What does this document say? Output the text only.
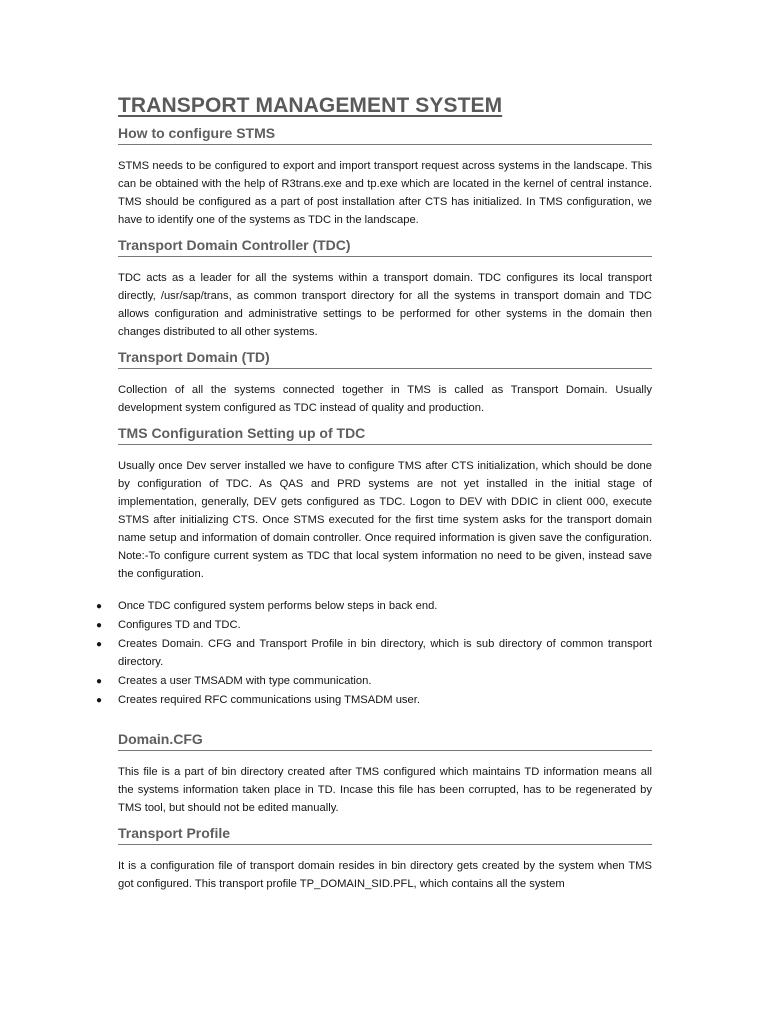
TRANSPORT MANAGEMENT SYSTEM
How to configure STMS

STMS needs to be configured to export and import transport request across systems in the landscape. This can be obtained with the help of R3trans.exe and tp.exe which are located in the kernel of central instance. TMS should be configured as a part of post installation after CTS has initialized. In TMS configuration, we have to identify one of the systems as TDC in the landscape.

Transport Domain Controller (TDC)

TDC acts as a leader for all the systems within a transport domain. TDC configures its local transport directly, /usr/sap/trans, as common transport directory for all the systems in transport domain and TDC allows configuration and administrative settings to be performed for other systems in the domain then changes distributed to all other systems.

Transport Domain (TD)

Collection of all the systems connected together in TMS is called as Transport Domain. Usually development system configured as TDC instead of quality and production.

TMS Configuration Setting up of TDC

Usually once Dev server installed we have to configure TMS after CTS initialization, which should be done by configuration of TDC. As QAS and PRD systems are not yet installed in the initial stage of implementation, generally, DEV gets configured as TDC. Logon to DEV with DDIC in client 000, execute STMS after initializing CTS. Once STMS executed for the first time system asks for the transport domain name setup and information of domain controller. Once required information is given save the configuration. Note:-To configure current system as TDC that local system information no need to be given, instead save the configuration.

● Once TDC configured system performs below steps in back end.
● Configures TD and TDC.
● Creates Domain. CFG and Transport Profile in bin directory, which is sub directory of common transport directory.
● Creates a user TMSADM with type communication.
● Creates required RFC communications using TMSADM user.
Domain.CFG

This file is a part of bin directory created after TMS configured which maintains TD information means all the systems information taken place in TD. Incase this file has been corrupted, has to be regenerated by TMS tool, but should not be edited manually.

Transport Profile

It is a configuration file of transport domain resides in bin directory gets created by the system when TMS got configured. This transport profile TP_DOMAIN_SID.PFL, which contains all the system
